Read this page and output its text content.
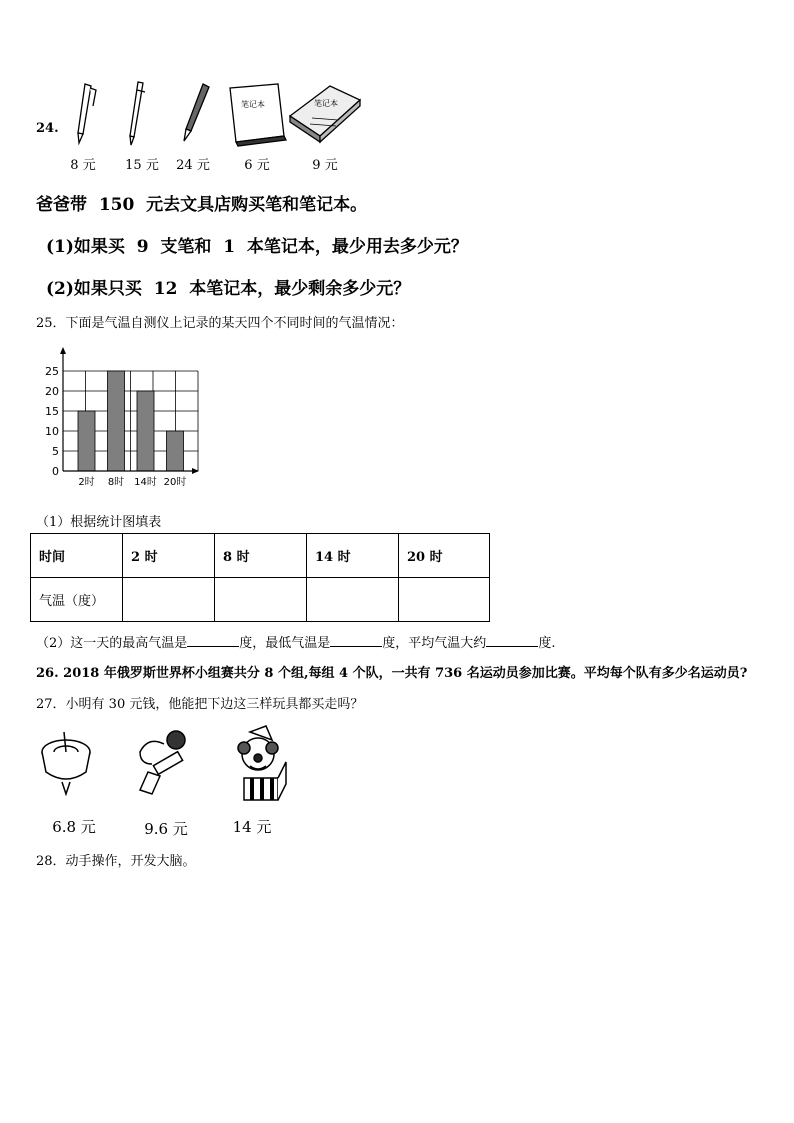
24.
笔记本	笔记本
8 元	15 元	24 元	6 元	9 元
爸爸带  150  元去文具店购买笔和笔记本。
(1)如果买  9  支笔和  1  本笔记本，最少用去多少元？
(2)如果只买  12  本笔记本，最少剩余多少元？
25．下面是气温自测仪上记录的某天四个不同时间的气温情况：
0
5
10
15
20
25
2时 8时 14时 20时
（1）根据统计图填表
时间	2 时	8 时	14 时	20 时
气温（度）				
（2）这一天的最高气温是	度，最低气温是	度，平均气温大约	度.
26. 2018 年俄罗斯世界杯小组赛共分 8 个组,每组 4 个队，一共有 736 名运动员参加比赛。平均每个队有多少名运动员?
27．小明有 30 元钱，他能把下边这三样玩具都买走吗？
6.8 元	9.6 元	14 元
28．动手操作，开发大脑。
